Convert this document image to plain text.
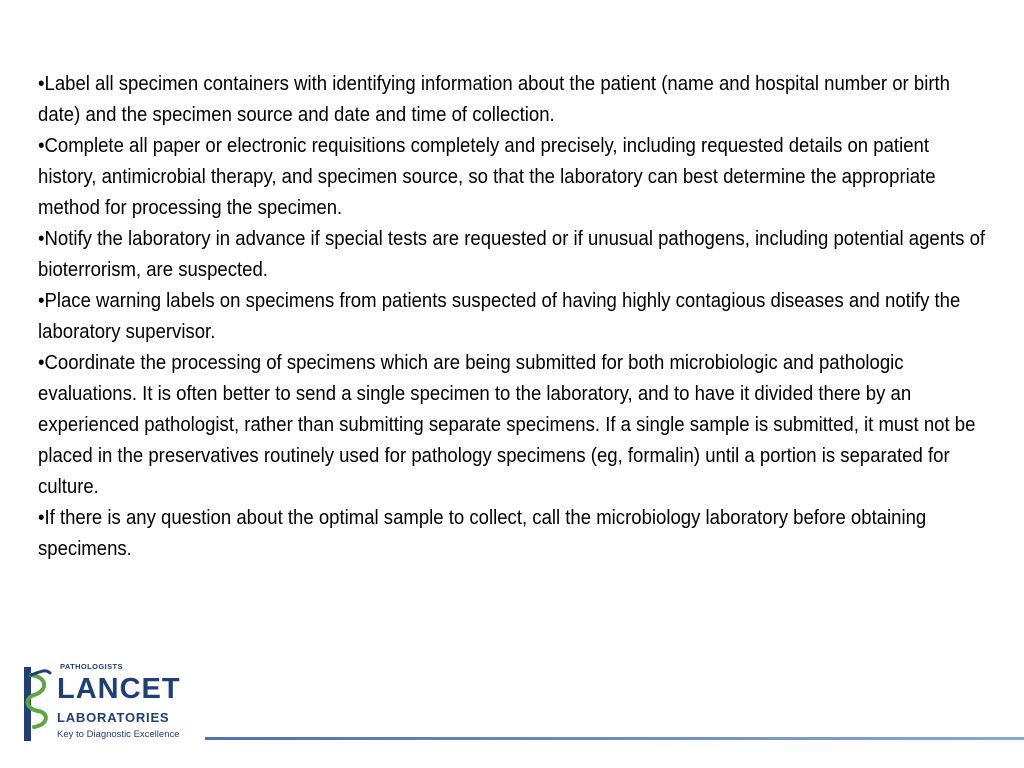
•Label all specimen containers with identifying information about the patient (name and hospital number or birth date) and the specimen source and date and time of collection.
•Complete all paper or electronic requisitions completely and precisely, including requested details on patient history, antimicrobial therapy, and specimen source, so that the laboratory can best determine the appropriate method for processing the specimen.
•Notify the laboratory in advance if special tests are requested or if unusual pathogens, including potential agents of bioterrorism, are suspected.
•Place warning labels on specimens from patients suspected of having highly contagious diseases and notify the laboratory supervisor.
•Coordinate the processing of specimens which are being submitted for both microbiologic and pathologic evaluations. It is often better to send a single specimen to the laboratory, and to have it divided there by an experienced pathologist, rather than submitting separate specimens. If a single sample is submitted, it must not be placed in the preservatives routinely used for pathology specimens (eg, formalin) until a portion is separated for culture.
•If there is any question about the optimal sample to collect, call the microbiology laboratory before obtaining specimens.
PATHOLOGISTS
LANCET
LABORATORIES
Key to Diagnostic Excellence
